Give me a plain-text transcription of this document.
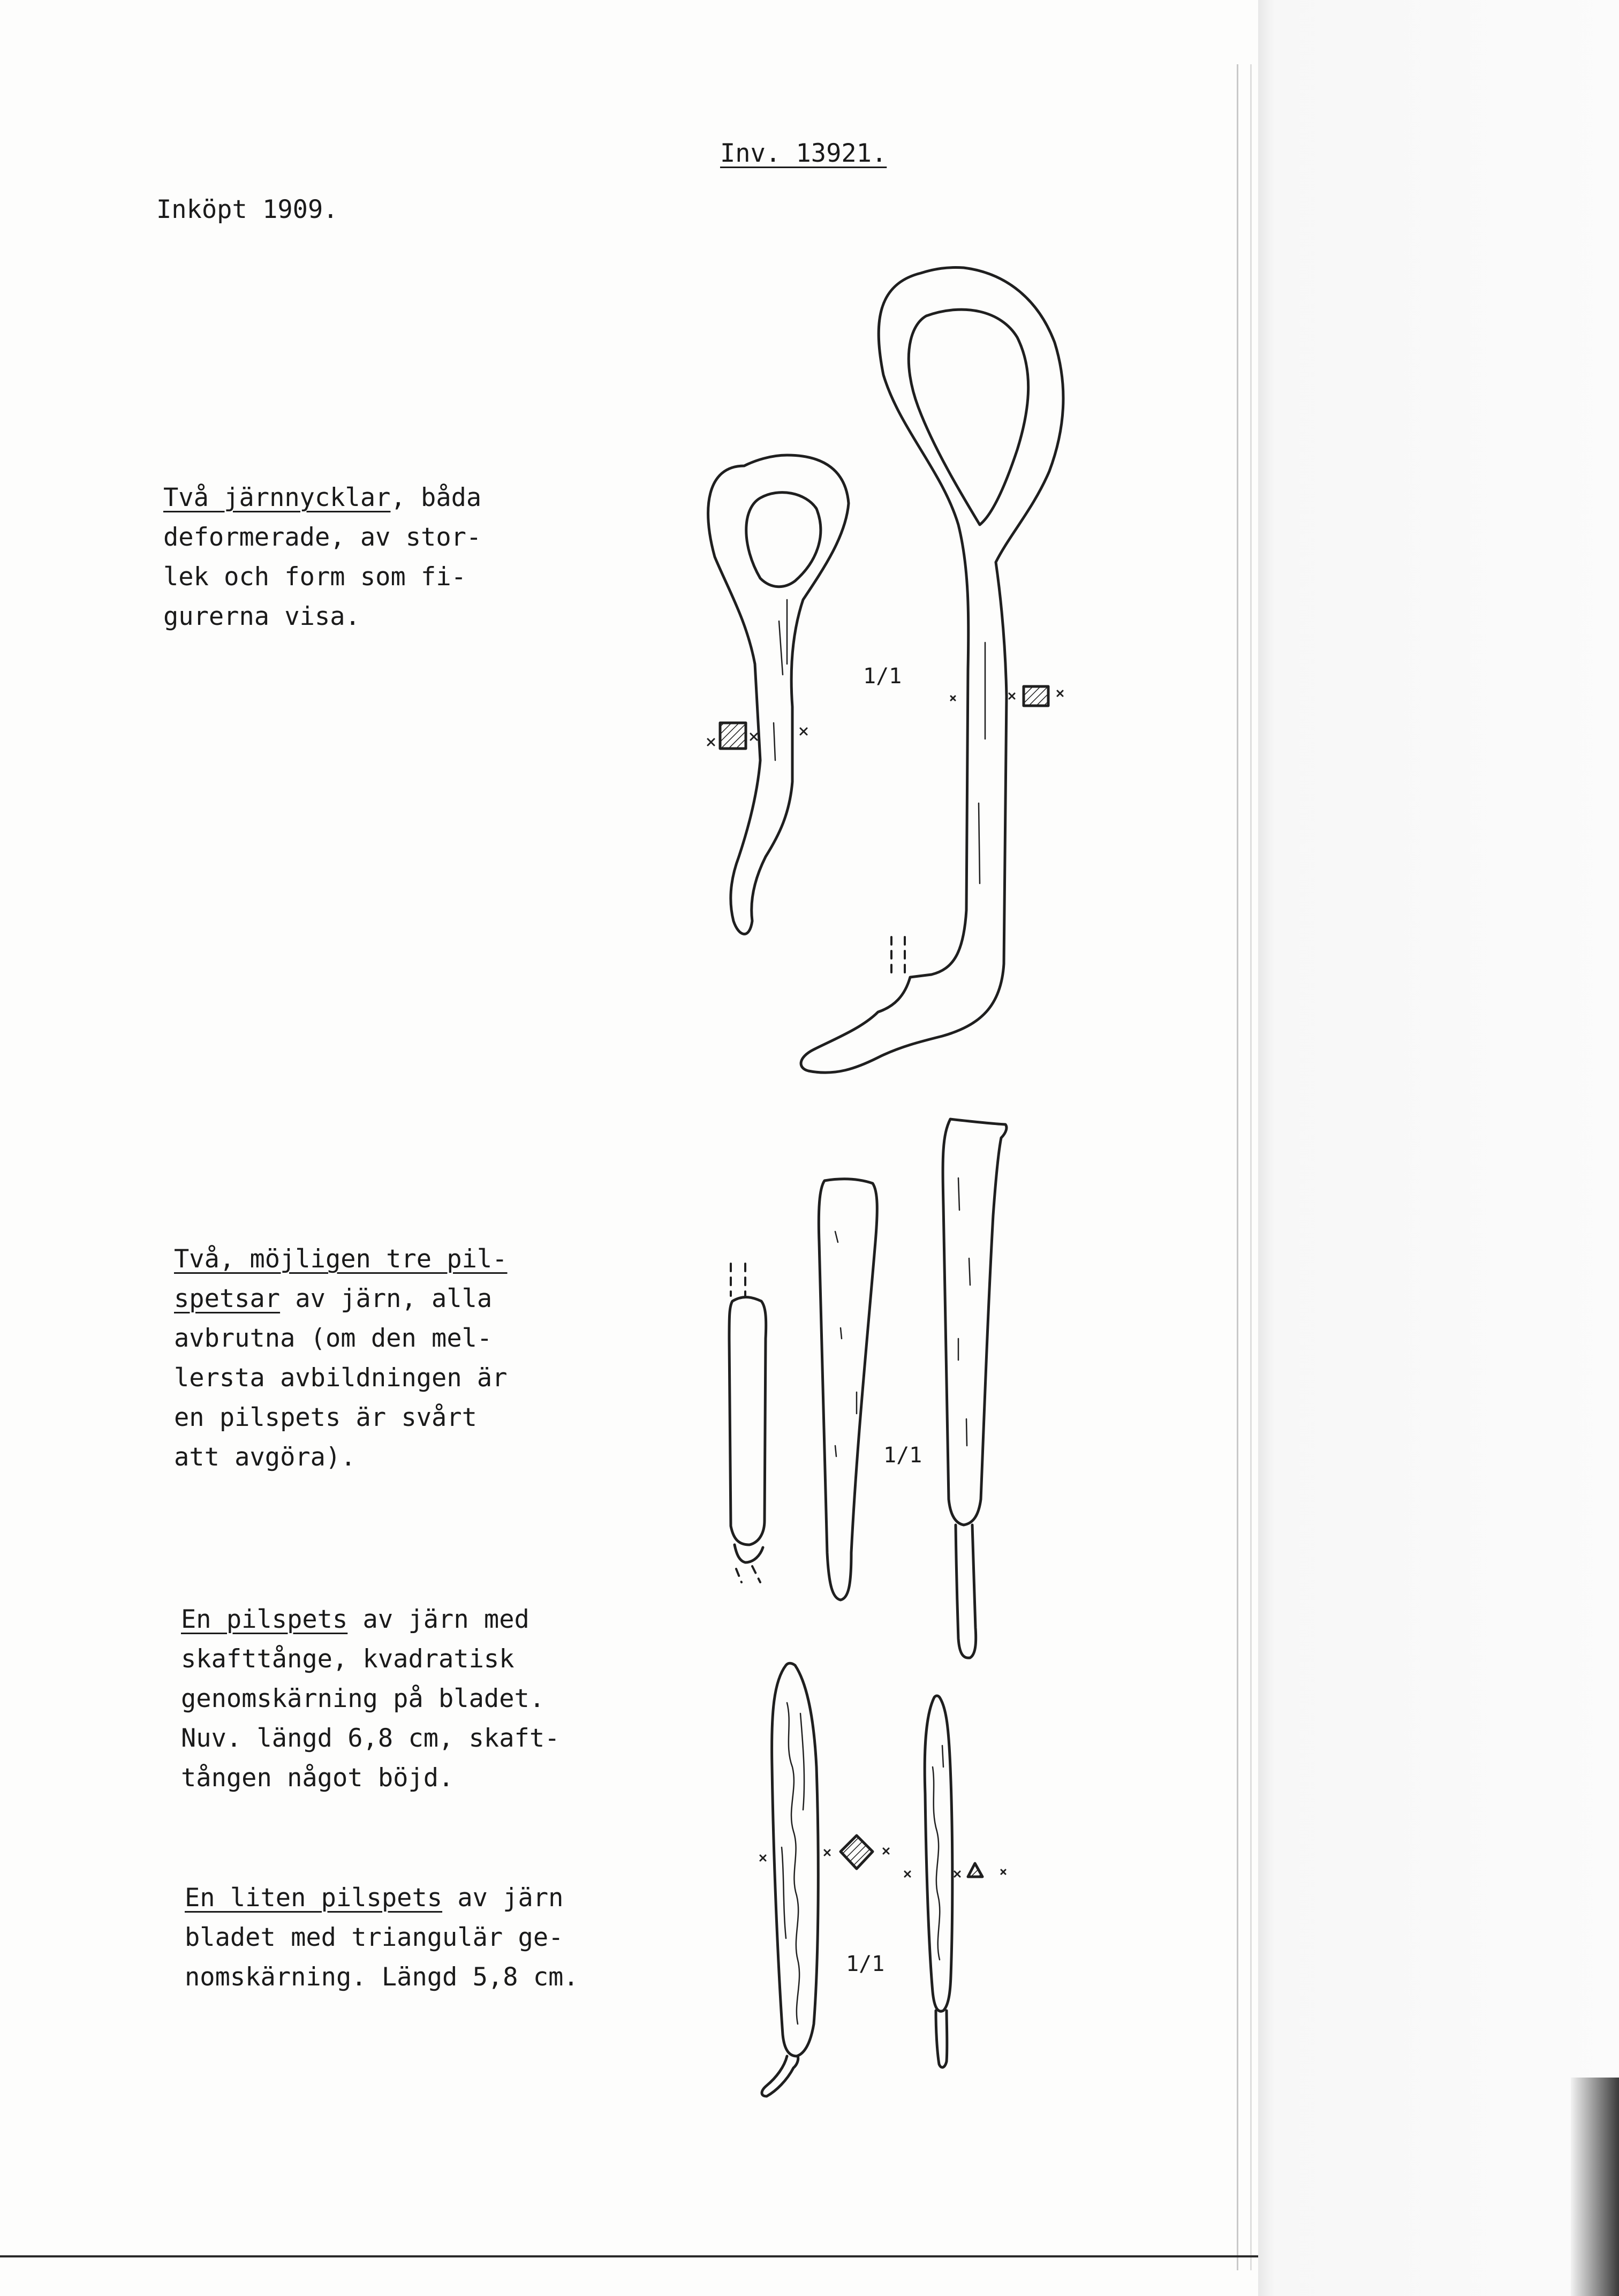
Inv. 13921.
Inköpt 1909.
Två järnnycklar, båda
deformerade, av stor-
lek och form som fi-
gurerna visa.
Två, möjligen tre pil-
spetsar av järn, alla
avbrutna (om den mel-
lersta avbildningen är
en pilspets är svårt
att avgöra).
En pilspets av järn med
skafttånge, kvadratisk
genomskärning på bladet.
Nuv. längd 6,8 cm, skaft-
tången något böjd.
En liten pilspets av järn
bladet med triangulär ge-
nomskärning. Längd 5,8 cm.
1/1
1/1
1/1
